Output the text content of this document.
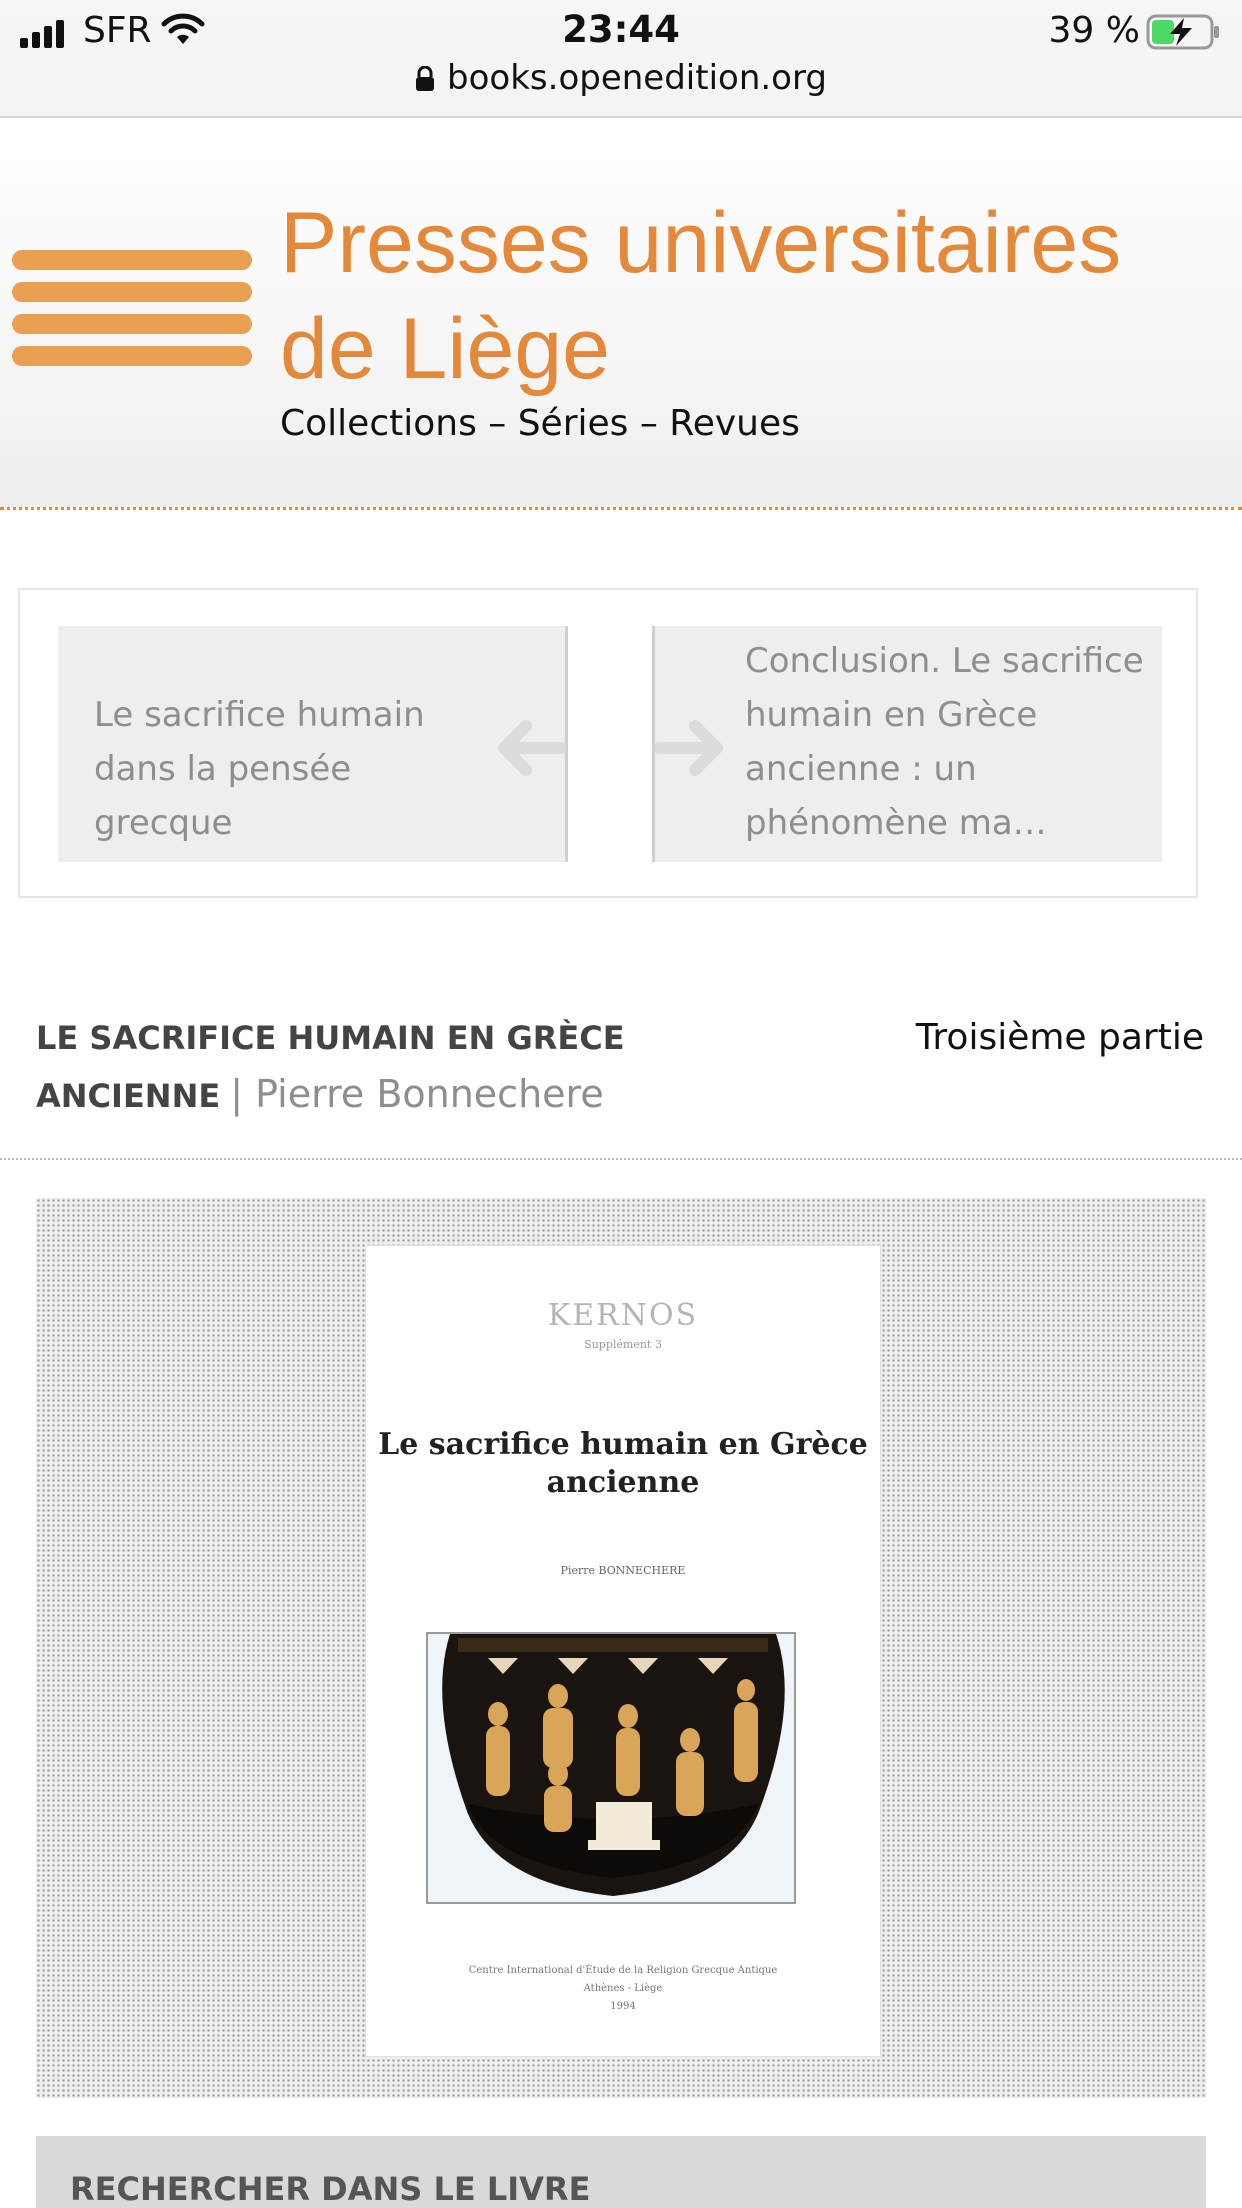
SFR	23:44	39 %
books.openedition.org
Presses universitaires de Liège
Collections – Séries – Revues
Le sacrifice humain dans la pensée grecque
Conclusion. Le sacrifice humain en Grèce ancienne : un phénomène ma…
LE SACRIFICE HUMAIN EN GRÈCE ANCIENNE | Pierre Bonnechere
Troisième partie
KERNOS
Supplément 3
Le sacrifice humain en Grèce ancienne
Pierre BONNECHERE
Centre International d'Étude de la Religion Grecque Antique
Athènes - Liège
1994
RECHERCHER DANS LE LIVRE
